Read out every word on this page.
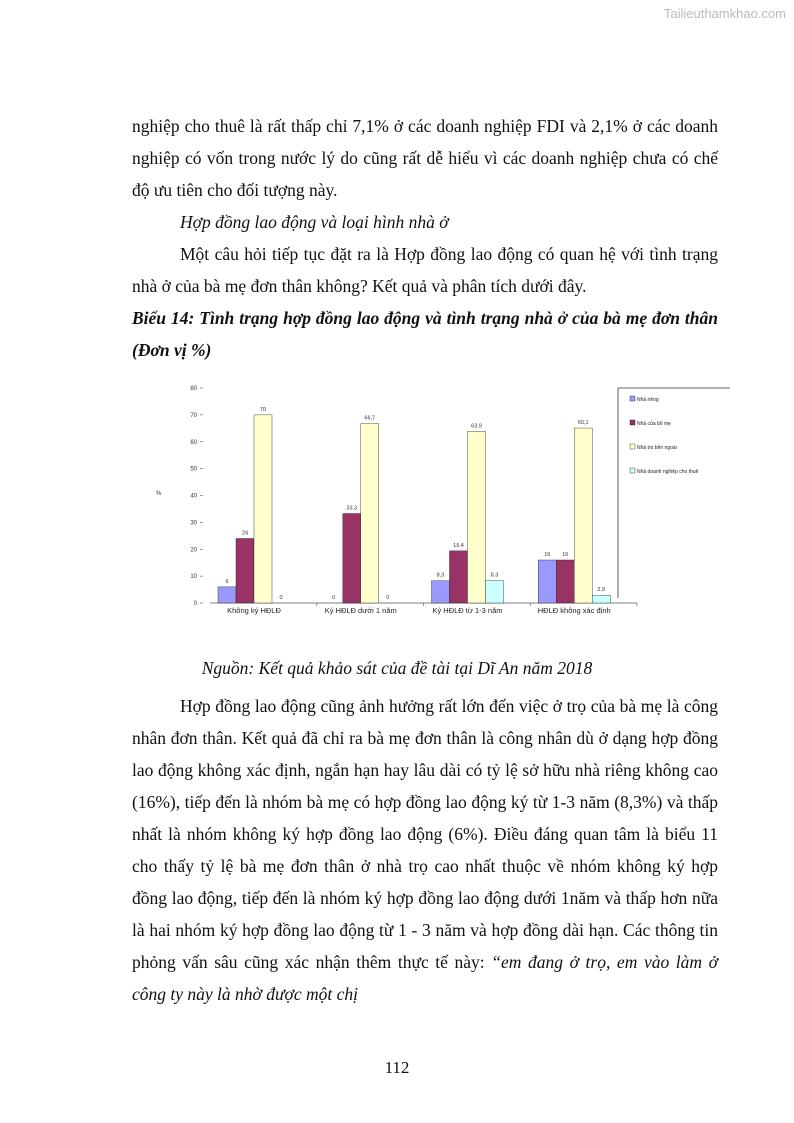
Tailieuthamkhao.com

nghiệp cho thuê là rất thấp chỉ 7,1% ở các doanh nghiệp FDI và 2,1% ở các doanh nghiệp có vốn trong nước lý do cũng rất dễ hiểu vì các doanh nghiệp chưa có chế độ ưu tiên cho đối tượng này.

Hợp đồng lao động và loại hình nhà ở

Một câu hỏi tiếp tục đặt ra là Hợp đồng lao động có quan hệ với tình trạng nhà ở của bà mẹ đơn thân không? Kết quả và phân tích dưới đây.

Biểu 14: Tình trạng hợp đồng lao động và tình trạng nhà ở của bà mẹ đơn thân (Đơn vị %)

0
10
20
30
40
50
60
70
80
%
6
24
70
0
Không ký HĐLĐ
0
33,3
66,7
0
Ký HĐLĐ dưới 1 năm
8,3
19,4
63,9
8,3
Ký HĐLĐ từ 1-3 năm
16 16
65,1
2,9
HĐLĐ không xác định
Nhà riêng
Nhà của bố mẹ
Nhà trọ bên ngoài
Nhà doanh nghiệp cho thuê
Nguồn: Kết quả khảo sát của đề tài tại Dĩ An năm 2018

Hợp đồng lao động cũng ảnh hưởng rất lớn đến việc ở trọ của bà mẹ là công nhân đơn thân. Kết quả đã chỉ ra bà mẹ đơn thân là công nhân dù ở dạng hợp đồng lao động không xác định, ngắn hạn hay lâu dài có tỷ lệ sở hữu nhà riêng không cao (16%), tiếp đến là nhóm bà mẹ có hợp đồng lao động ký từ 1-3 năm (8,3%) và thấp nhất là nhóm không ký hợp đồng lao động (6%). Điều đáng quan tâm là biểu 11 cho thấy tỷ lệ bà mẹ đơn thân ở nhà trọ cao nhất thuộc về nhóm không ký hợp đồng lao động, tiếp đến là nhóm ký hợp đồng lao động dưới 1năm và thấp hơn nữa là hai nhóm ký hợp đồng lao động từ 1 - 3 năm và hợp đồng dài hạn. Các thông tin phỏng vấn sâu cũng xác nhận thêm thực tế này: “em đang ở trọ, em vào làm ở công ty này là nhờ được một chị

112
